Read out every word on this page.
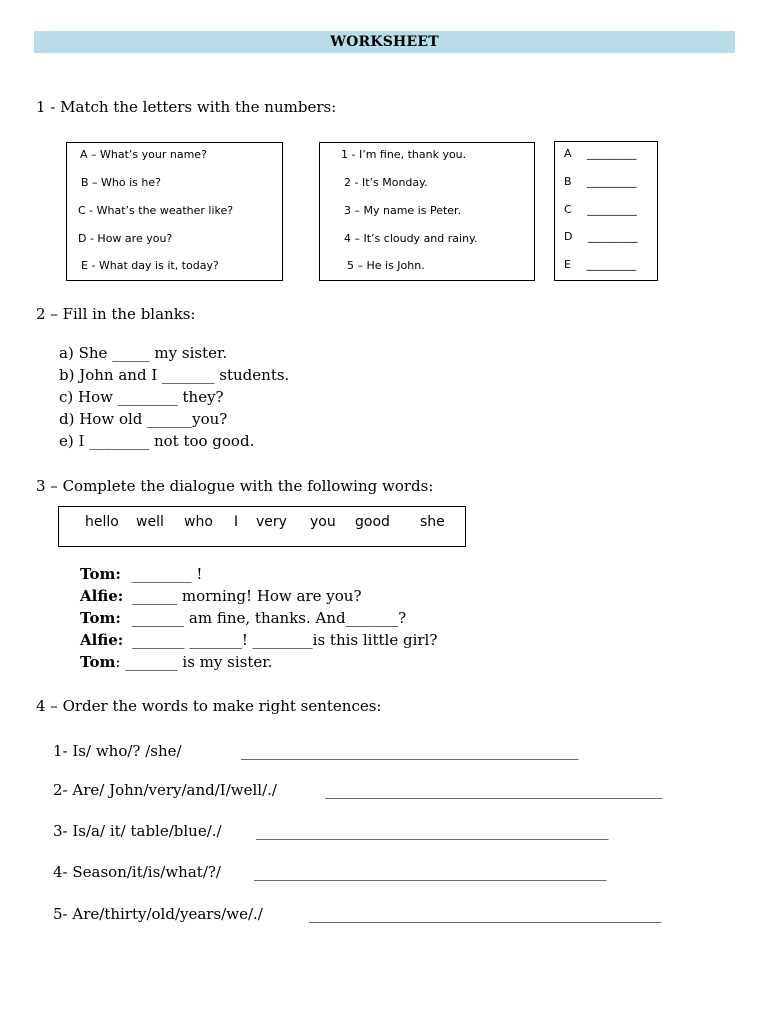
WORKSHEET
1 - Match the letters with the numbers:
A – What’s your name?
B – Who is he?
C - What’s the weather like?
D - How are you?
E - What day is it, today?
1 - I’m fine, thank you.
2 - It’s Monday.
3 – My name is Peter.
4 – It’s cloudy and rainy.
5 – He is John.
A _________
B _________
C _________
D _________
E _________
2 – Fill in the blanks:
a) She _____ my sister.
b) John and I _______ students.
c) How ________ they?
d) How old ______you?
e) I ________ not too good.
3 – Complete the dialogue with the following words:
hello well who I very you good she
Tom: ________ !
Alfie: ______ morning! How are you?
Tom: _______ am fine, thanks. And_______?
Alfie: _______ _______! ________is this little girl?
Tom: _______ is my sister.
4 – Order the words to make right sentences:
1- Is/ who/? /she/	_____________________________________________
2- Are/ John/very/and/I/well/./	_____________________________________________
3- Is/a/ it/ table/blue/./ _______________________________________________
4- Season/it/is/what/?/ _______________________________________________
5- Are/thirty/old/years/we/./	_______________________________________________
